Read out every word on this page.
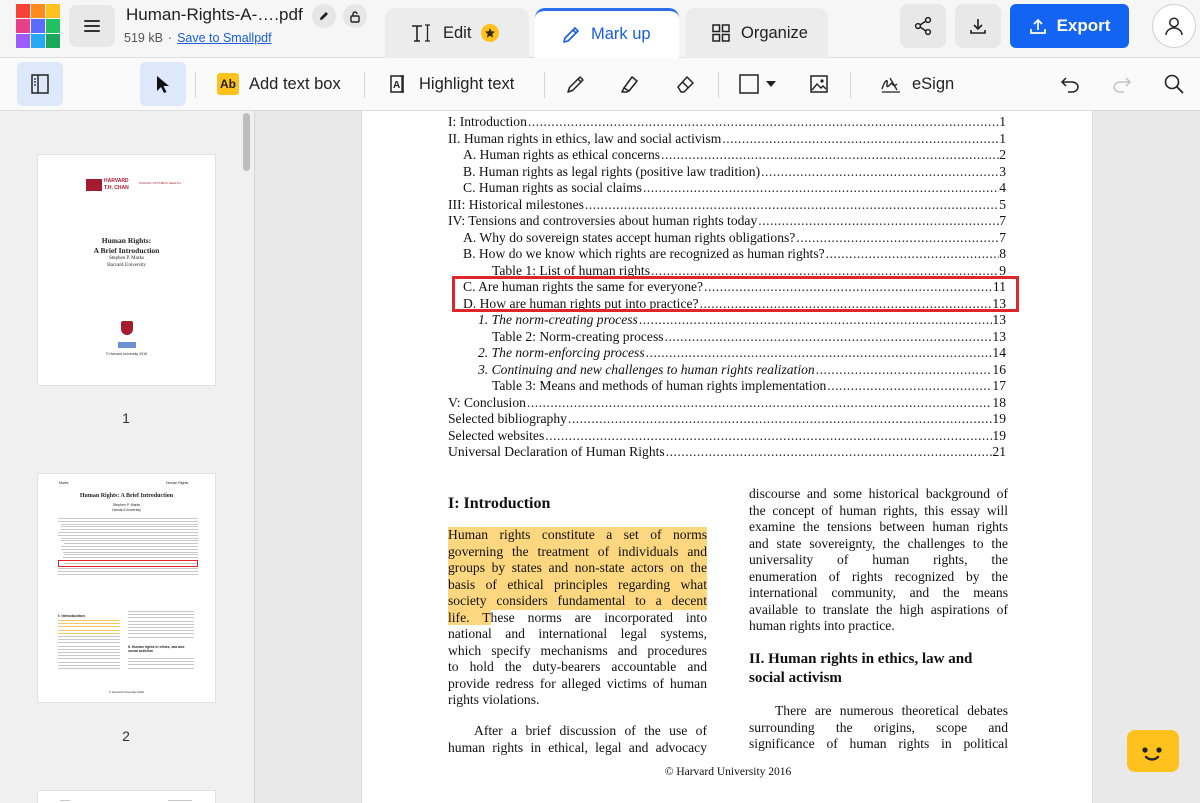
Human-Rights-A-….pdf
519 kB · Save to Smallpdf	Edit	Mark up	Organize	Export
Ab Add text box	A Highlight text	eSign
HARVARD
T.H. CHAN
SCHOOL OF PUBLIC HEALTH
Human Rights:
A Brief Introduction
Stephen P. Marks
Harvard University
© Harvard University 2016
1
Marks	Human Rights
Human Rights: A Brief Introduction
Stephen P. Marks
Harvard University
I: Introduction
II. Human rights in ethics, law and social activism
© Harvard University 2016
2
I: Introduction .....	1
II. Human rights in ethics, law and social activism .....	1
A. Human rights as ethical concerns .....	2
B. Human rights as legal rights (positive law tradition) .....	3
C. Human rights as social claims .....	4
III: Historical milestones .....	5
IV: Tensions and controversies about human rights today .....	7
A. Why do sovereign states accept human rights obligations? .....	7
B. How do we know which rights are recognized as human rights? .....	8
Table 1: List of human rights .....	9
C. Are human rights the same for everyone? .....	11
D. How are human rights put into practice? .....	13
1. The norm-creating process .....	13
Table 2: Norm-creating process .....	13
2. The norm-enforcing process .....	14
3. Continuing and new challenges to human rights realization .....	16
Table 3: Means and methods of human rights implementation .....	17
V: Conclusion .....	18
Selected bibliography .....	19
Selected websites .....	19
Universal Declaration of Human Rights .....	21
I: Introduction
Human rights constitute a set of norms
governing the treatment of individuals and
groups by states and non-state actors on the
basis of ethical principles regarding what
society considers fundamental to a decent
life. These norms are incorporated into
national and international legal systems,
which specify mechanisms and procedures
to hold the duty-bearers accountable and
provide redress for alleged victims of human
rights violations.
After a brief discussion of the use of
human rights in ethical, legal and advocacy
discourse and some historical background of
the concept of human rights, this essay will
examine the tensions between human rights
and state sovereignty, the challenges to the
universality of human rights, the
enumeration of rights recognized by the
international community, and the means
available to translate the high aspirations of
human rights into practice.
II. Human rights in ethics, law and
social activism
There are numerous theoretical debates
surrounding the origins, scope and
significance of human rights in political
© Harvard University 2016
